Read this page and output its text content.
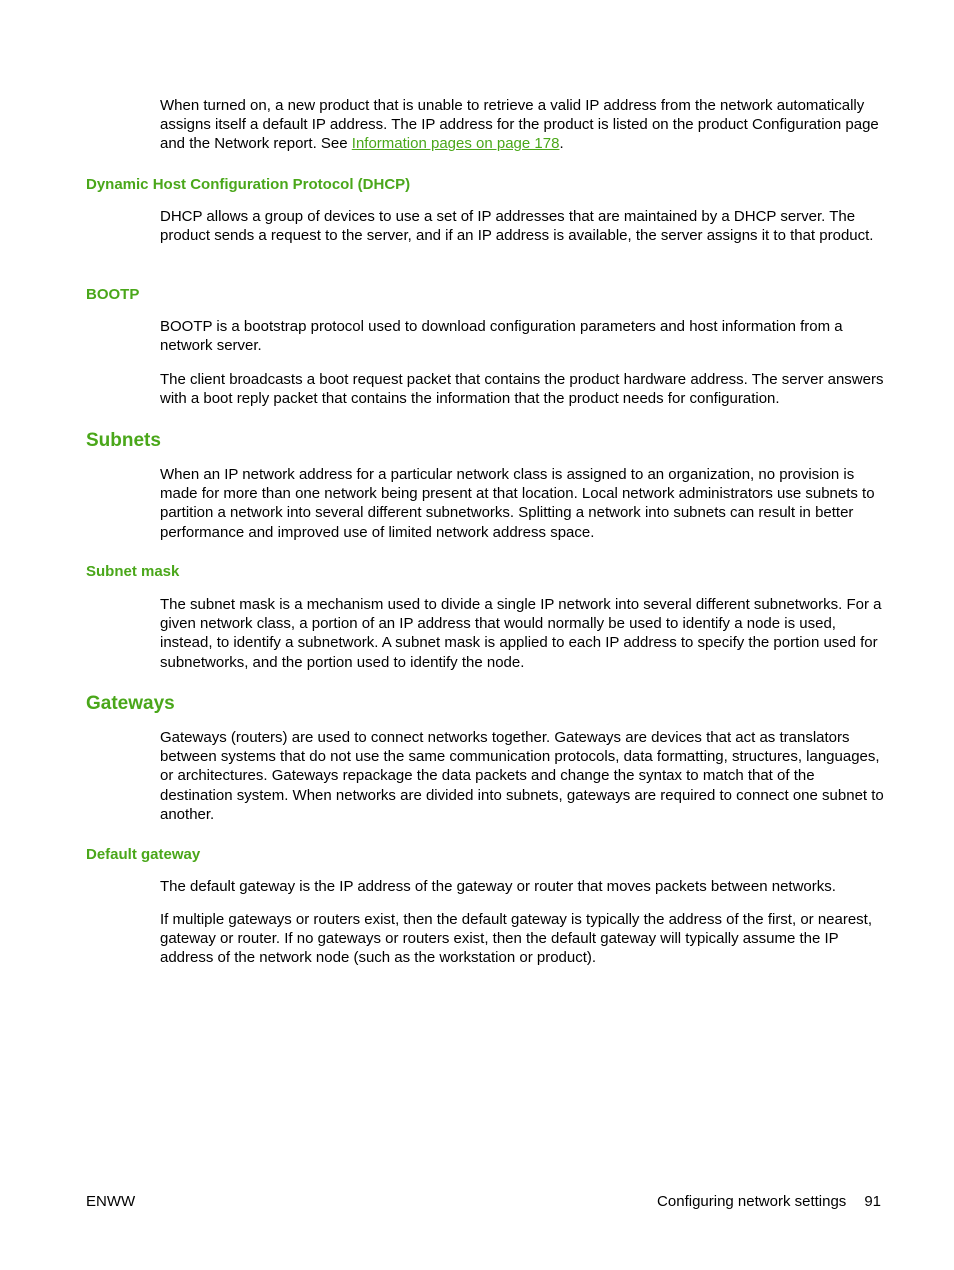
When turned on, a new product that is unable to retrieve a valid IP address from the network automatically assigns itself a default IP address. The IP address for the product is listed on the product Configuration page and the Network report. See Information pages on page 178.

Dynamic Host Configuration Protocol (DHCP)

DHCP allows a group of devices to use a set of IP addresses that are maintained by a DHCP server. The product sends a request to the server, and if an IP address is available, the server assigns it to that product.

BOOTP

BOOTP is a bootstrap protocol used to download configuration parameters and host information from a network server.

The client broadcasts a boot request packet that contains the product hardware address. The server answers with a boot reply packet that contains the information that the product needs for configuration.

Subnets

When an IP network address for a particular network class is assigned to an organization, no provision is made for more than one network being present at that location. Local network administrators use subnets to partition a network into several different subnetworks. Splitting a network into subnets can result in better performance and improved use of limited network address space.

Subnet mask

The subnet mask is a mechanism used to divide a single IP network into several different subnetworks. For a given network class, a portion of an IP address that would normally be used to identify a node is used, instead, to identify a subnetwork. A subnet mask is applied to each IP address to specify the portion used for subnetworks, and the portion used to identify the node.

Gateways

Gateways (routers) are used to connect networks together. Gateways are devices that act as translators between systems that do not use the same communication protocols, data formatting, structures, languages, or architectures. Gateways repackage the data packets and change the syntax to match that of the destination system. When networks are divided into subnets, gateways are required to connect one subnet to another.

Default gateway

The default gateway is the IP address of the gateway or router that moves packets between networks.

If multiple gateways or routers exist, then the default gateway is typically the address of the first, or nearest, gateway or router. If no gateways or routers exist, then the default gateway will typically assume the IP address of the network node (such as the workstation or product).

ENWW	Configuring network settings 91
